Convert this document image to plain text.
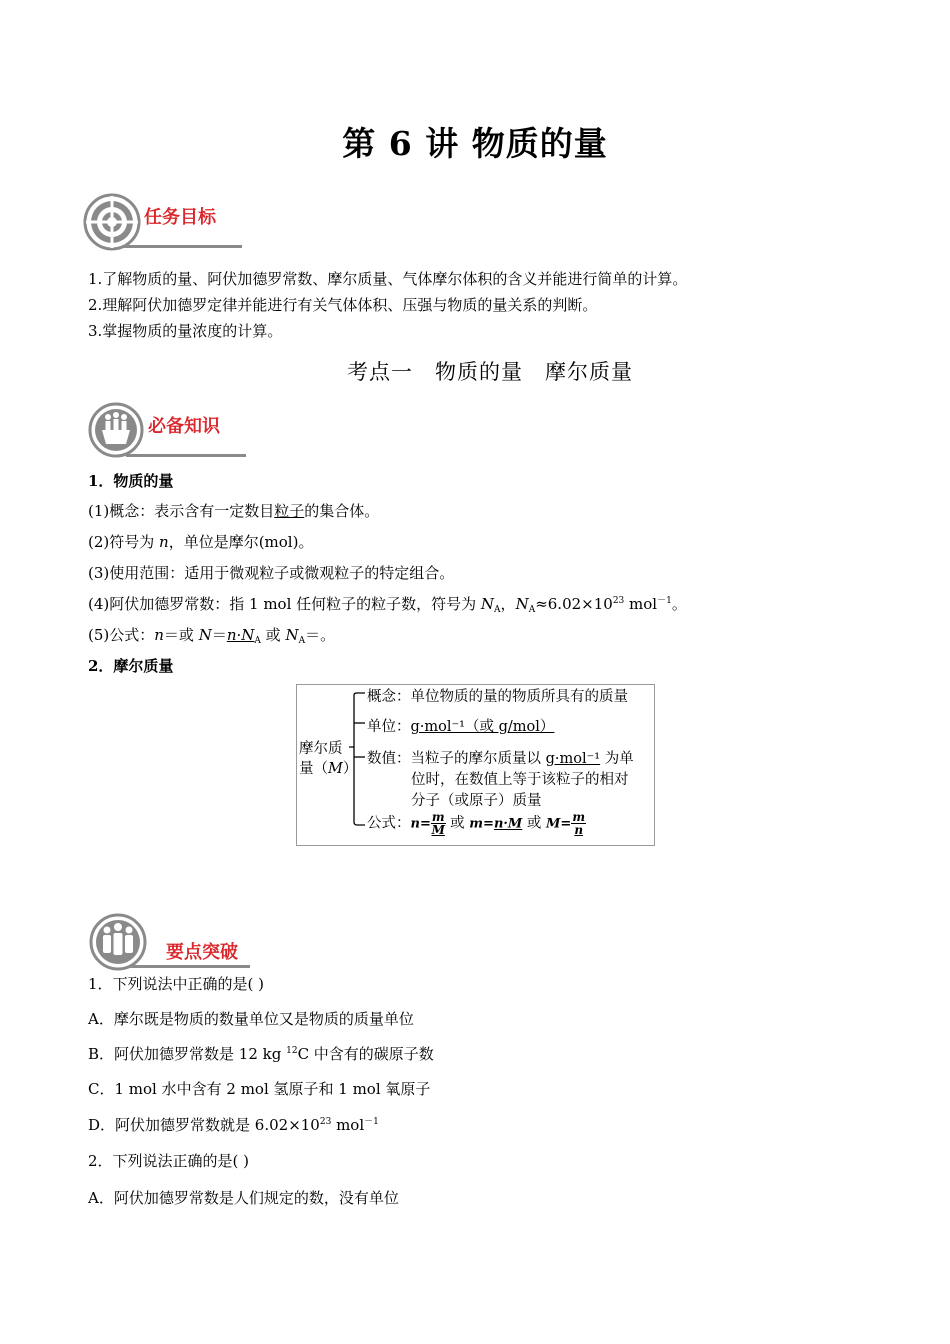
第 6 讲 物质的量
任务目标
1.了解物质的量、阿伏加德罗常数、摩尔质量、气体摩尔体积的含义并能进行简单的计算。
2.理解阿伏加德罗定律并能进行有关气体体积、压强与物质的量关系的判断。
3.掌握物质的量浓度的计算。
考点一　物质的量　摩尔质量
必备知识
1．物质的量
(1)概念：表示含有一定数目粒子的集合体。
(2)符号为 n，单位是摩尔(mol)。
(3)使用范围：适用于微观粒子或微观粒子的特定组合。
(4)阿伏加德罗常数：指 1 mol 任何粒子的粒子数，符号为 $N_A$，$N_A\approx 6.02\times 10^{23}$ mol$^{-1}$。
(5)公式：n＝或 $N=n\cdot N_A$ 或 $N_A=$。
2．摩尔质量
摩尔质
量（M）
概念：单位物质的量的物质所具有的质量
单位：g·mol⁻¹（或 g/mol）
数值：当粒子的摩尔质量以 g·mol⁻¹ 为单
位时，在数值上等于该粒子的相对
分子（或原子）质量
公式：$n= \frac{m}{M}$ 或 m=n·M 或 $M= \frac{m}{n}$
要点突破
1．下列说法中正确的是( )
A．摩尔既是物质的数量单位又是物质的质量单位
B．阿伏加德罗常数是 12 kg $^{12}$C 中含有的碳原子数
C．1 mol 水中含有 2 mol 氢原子和 1 mol 氧原子
D．阿伏加德罗常数就是 $6.02\times 10^{23}$ mol$^{-1}$
2．下列说法正确的是( )
A．阿伏加德罗常数是人们规定的数，没有单位
